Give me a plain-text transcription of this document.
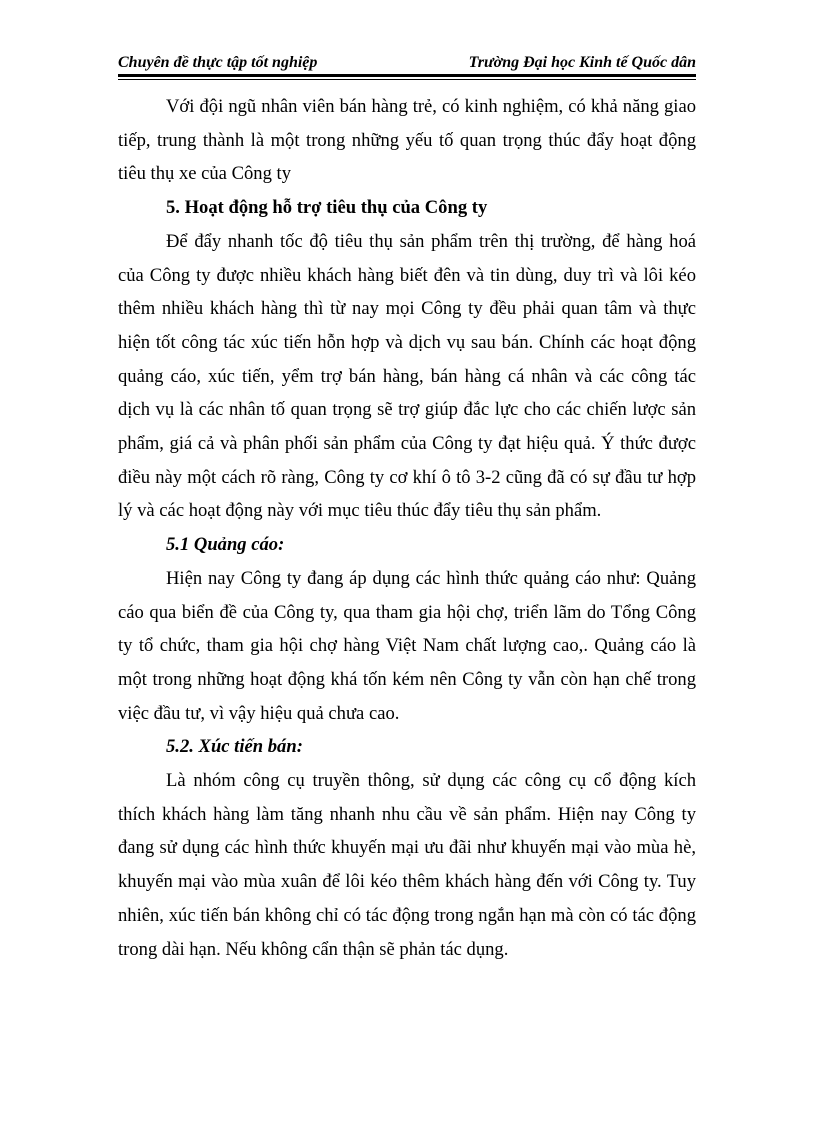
Chuyên đề thực tập tốt nghiệp	Trường Đại học Kinh tế Quốc dân

Với đội ngũ nhân viên bán hàng trẻ, có kinh nghiệm, có khả năng giao tiếp, trung thành là một trong những yếu tố quan trọng thúc đẩy hoạt động tiêu thụ xe của Công ty

5. Hoạt động hỗ trợ tiêu thụ của Công ty

Để đẩy nhanh tốc độ tiêu thụ sản phẩm trên thị trường, để hàng hoá của Công ty được nhiều khách hàng biết đên và tin dùng, duy trì và lôi kéo thêm nhiều khách hàng thì từ nay mọi Công ty đều phải quan tâm và thực hiện tốt công tác xúc tiến hỗn hợp và dịch vụ sau bán. Chính các hoạt động quảng cáo, xúc tiến, yểm trợ bán hàng, bán hàng cá nhân và các công tác dịch vụ là các nhân tố quan trọng sẽ trợ giúp đắc lực cho các chiến lược sản phẩm, giá cả và phân phối sản phẩm của Công ty đạt hiệu quả. Ý thức được điều này một cách rõ ràng, Công ty cơ khí ô tô 3-2 cũng đã có sự đầu tư hợp lý và các hoạt động này với mục tiêu thúc đẩy tiêu thụ sản phẩm.

5.1 Quảng cáo:

Hiện nay Công ty đang áp dụng các hình thức quảng cáo như: Quảng cáo qua biển đề của Công ty, qua tham gia hội chợ, triển lãm do Tổng Công ty tổ chức, tham gia hội chợ hàng Việt Nam chất lượng cao,. Quảng cáo là một trong những hoạt động khá tốn kém nên Công ty vẫn còn hạn chế trong việc đầu tư, vì vậy hiệu quả chưa cao.

5.2. Xúc tiến bán:

Là nhóm công cụ truyền thông, sử dụng các công cụ cổ động kích thích khách hàng làm tăng nhanh nhu cầu về sản phẩm. Hiện nay Công ty đang sử dụng các hình thức khuyến mại ưu đãi như khuyến mại vào mùa hè, khuyến mại vào mùa xuân để lôi kéo thêm khách hàng đến với Công ty. Tuy nhiên, xúc tiến bán không chỉ có tác động trong ngắn hạn mà còn có tác động trong dài hạn. Nếu không cẩn thận sẽ phản tác dụng.
